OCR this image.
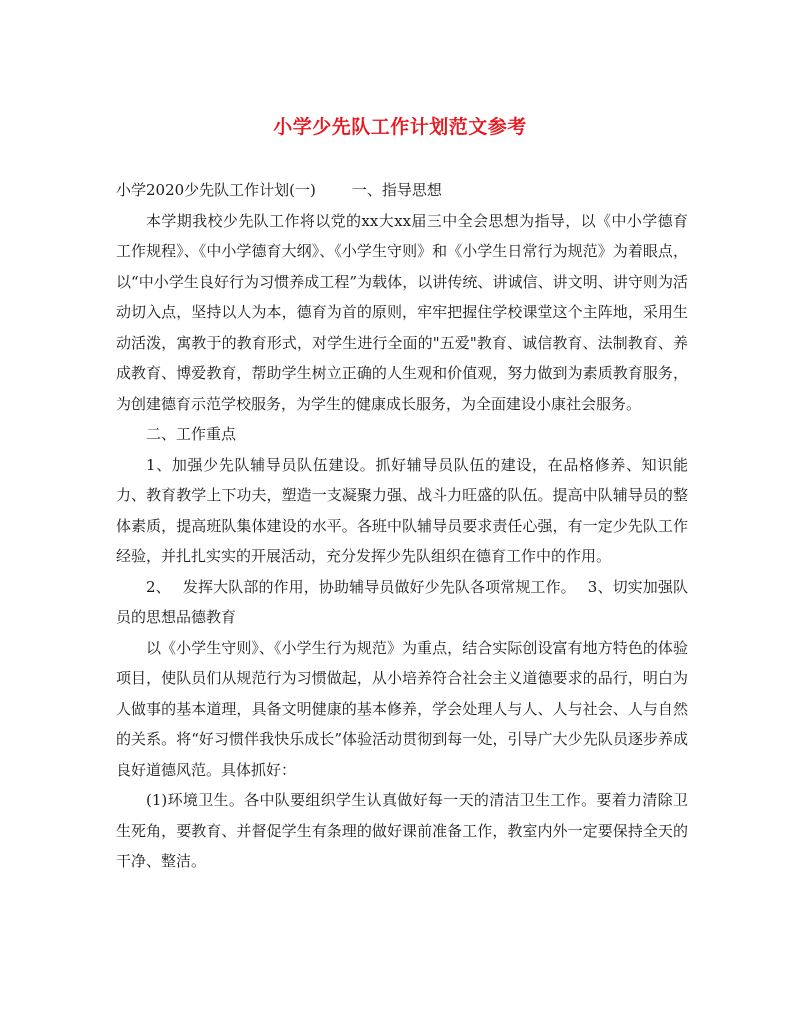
小学少先队工作计划范文参考

小学2020少先队工作计划(一) 一、指导思想

本学期我校少先队工作将以党的xx大xx届三中全会思想为指导，以《中小学德育工作规程》、《中小学德育大纲》、《小学生守则》和《小学生日常行为规范》为着眼点，以“中小学生良好行为习惯养成工程”为载体，以讲传统、讲诚信、讲文明、讲守则为活动切入点，坚持以人为本，德育为首的原则，牢牢把握住学校课堂这个主阵地，采用生动活泼，寓教于的教育形式，对学生进行全面的"五爱"教育、诚信教育、法制教育、养成教育、博爱教育，帮助学生树立正确的人生观和价值观，努力做到为素质教育服务，为创建德育示范学校服务，为学生的健康成长服务，为全面建设小康社会服务。

二、工作重点

1、加强少先队辅导员队伍建设。抓好辅导员队伍的建设，在品格修养、知识能力、教育教学上下功夫，塑造一支凝聚力强、战斗力旺盛的队伍。提高中队辅导员的整体素质，提高班队集体建设的水平。各班中队辅导员要求责任心强，有一定少先队工作经验，并扎扎实实的开展活动，充分发挥少先队组织在德育工作中的作用。

2、 发挥大队部的作用，协助辅导员做好少先队各项常规工作。 3、切实加强队员的思想品德教育

以《小学生守则》、《小学生行为规范》为重点，结合实际创设富有地方特色的体验项目，使队员们从规范行为习惯做起，从小培养符合社会主义道德要求的品行，明白为人做事的基本道理，具备文明健康的基本修养，学会处理人与人、人与社会、人与自然的关系。将“好习惯伴我快乐成长”体验活动贯彻到每一处，引导广大少先队员逐步养成良好道德风范。具体抓好：

(1)环境卫生。各中队要组织学生认真做好每一天的清洁卫生工作。要着力清除卫生死角，要教育、并督促学生有条理的做好课前准备工作，教室内外一定要保持全天的干净、整洁。
